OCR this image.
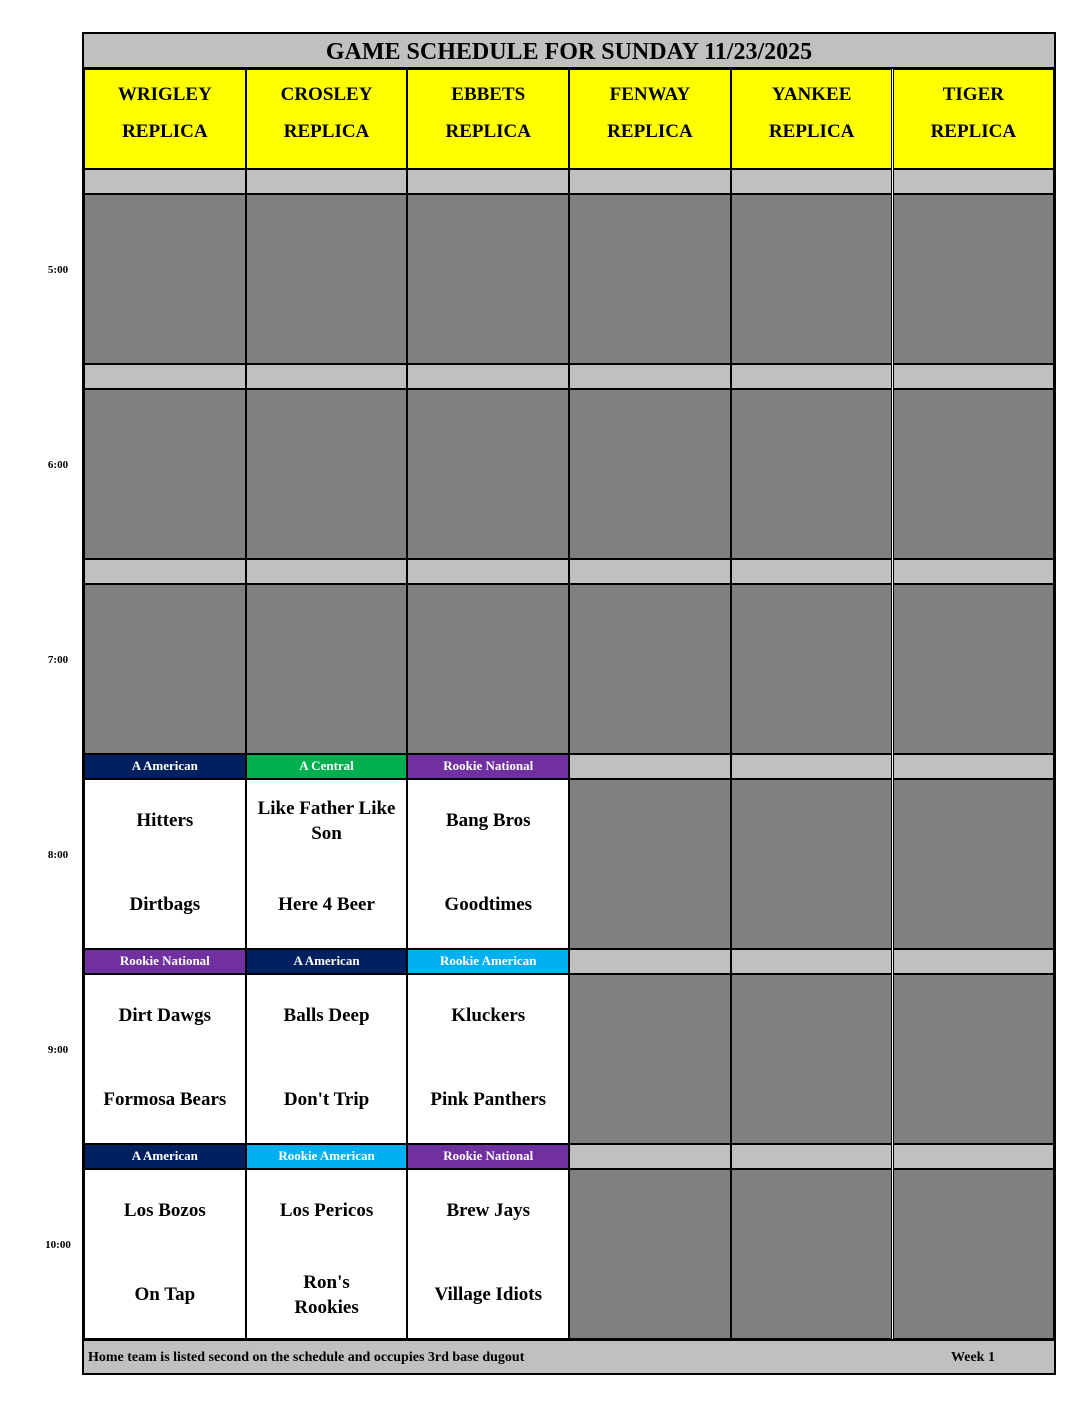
5:00
6:00
7:00
8:00
9:00
10:00
GAME SCHEDULE FOR SUNDAY 11/23/2025
WRIGLEY
REPLICA
CROSLEY
REPLICA
EBBETS
REPLICA
FENWAY
REPLICA
YANKEE
REPLICA
TIGER
REPLICA
A American
Hitters
Dirtbags
A Central
Like Father Like Son
Here 4 Beer
Rookie National
Bang Bros
Goodtimes
Rookie National
Dirt Dawgs
Formosa Bears
A American
Balls Deep
Don't Trip
Rookie American
Kluckers
Pink Panthers
A American
Los Bozos
On Tap
Rookie American
Los Pericos
Ron's Rookies
Rookie National
Brew Jays
Village Idiots
Home team is listed second on the schedule and occupies 3rd base dugout	Week 1
